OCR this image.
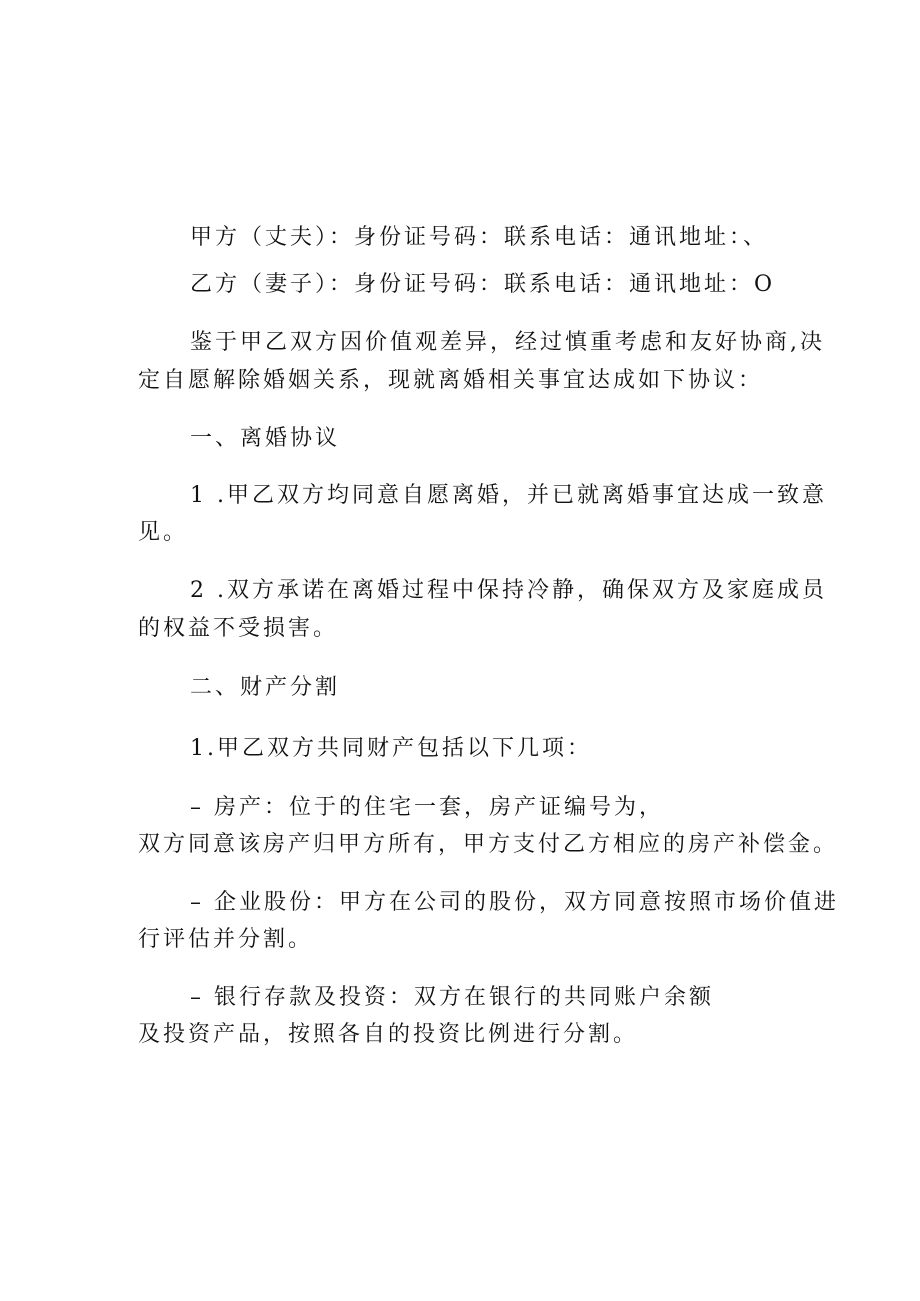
甲方（丈夫）：身份证号码：联系电话：通讯地址：、
乙方（妻子）：身份证号码：联系电话：通讯地址：O
鉴于甲乙双方因价值观差异，经过慎重考虑和友好协商,决
定自愿解除婚姻关系，现就离婚相关事宜达成如下协议：
一、离婚协议
1 .甲乙双方均同意自愿离婚，并已就离婚事宜达成一致意
见。
2 .双方承诺在离婚过程中保持冷静，确保双方及家庭成员
的权益不受损害。
二、财产分割
1.甲乙双方共同财产包括以下几项：
– 房产：位于的住宅一套，房产证编号为，
双方同意该房产归甲方所有，甲方支付乙方相应的房产补偿金。
– 企业股份：甲方在公司的股份，双方同意按照市场价值进
行评估并分割。
– 银行存款及投资：双方在银行的共同账户余额
及投资产品，按照各自的投资比例进行分割。
